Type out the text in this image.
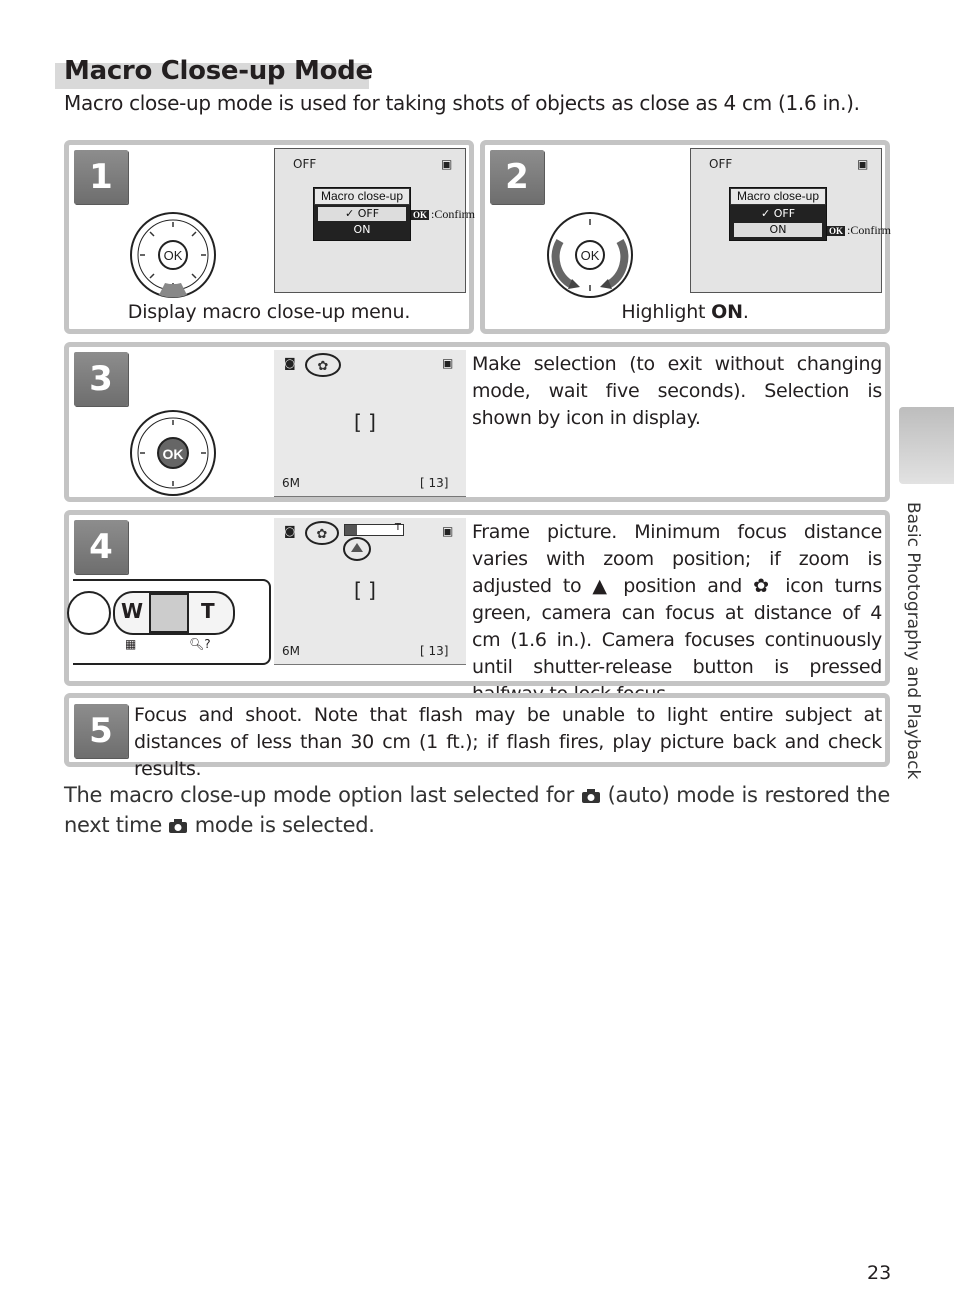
Macro Close-up Mode
Macro close-up mode is used for taking shots of objects as close as 4 cm (1.6 in.).
1
OK
OFF	▣
Macro close-up
✓ OFF
ON
OK :Confirm
Display macro close-up menu.
2
OK
OFF	▣
Macro close-up
✓ OFF
ON	OK :Confirm
Highlight ON.
3
OK
◙ ✿	▣
[ ]
6M	[ 13]
Make selection (to exit without changing mode, wait five seconds). Selection is shown by icon in display.
4
W	T
▦	🔍︎?
◙ ✿	T	▣
[ ]
6M	[ 13]
Frame picture. Minimum focus distance varies with zoom position; if zoom is adjusted to ▲ position and ✿ icon turns green, camera can focus at distance of 4 cm (1.6 in.). Camera focuses continuously until shutter-release button is pressed
5	Focus and shoot. Note that flash may be unable to light entire subject at distances of less than 30 cm (1 ft.); if flash fires, play picture back and check results.
The macro close-up mode option last selected for  (auto) mode is restored the next time  mode is selected.
Basic Photography and Playback
23
